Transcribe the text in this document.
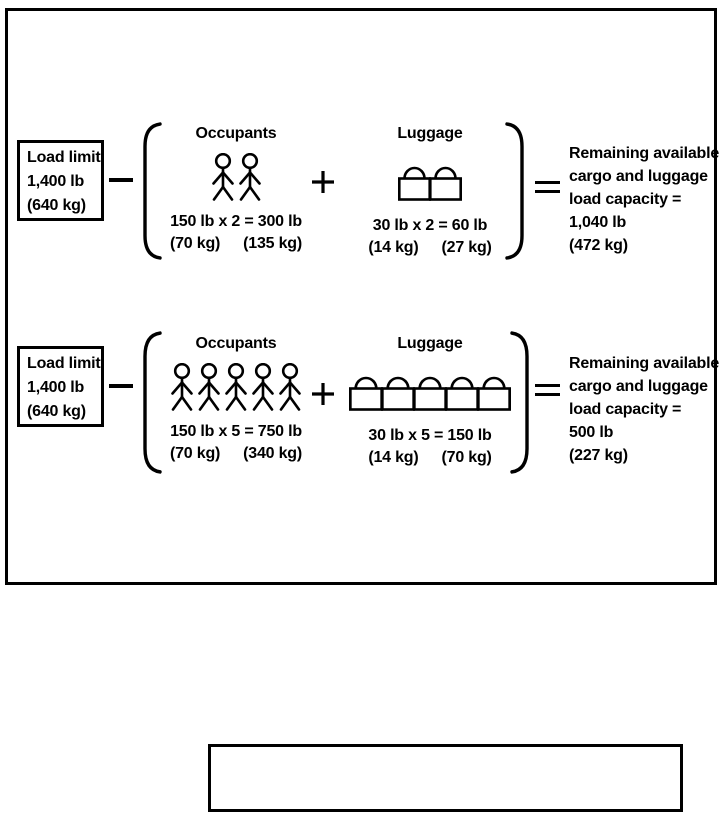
Load limit
1,400 lb
(640 kg)
Occupants
150 lb x 2 = 300 lb
(70 kg) (135 kg)
Luggage
30 lb x 2 = 60 lb
(14 kg) (27 kg)
Remaining available
cargo and luggage
load capacity =
1,040 lb
(472 kg)
Load limit
1,400 lb
(640 kg)
Occupants
150 lb x 5 = 750 lb
(70 kg) (340 kg)
Luggage
30 lb x 5 = 150 lb
(14 kg) (70 kg)
Remaining available
cargo and luggage
load capacity =
500 lb
(227 kg)
